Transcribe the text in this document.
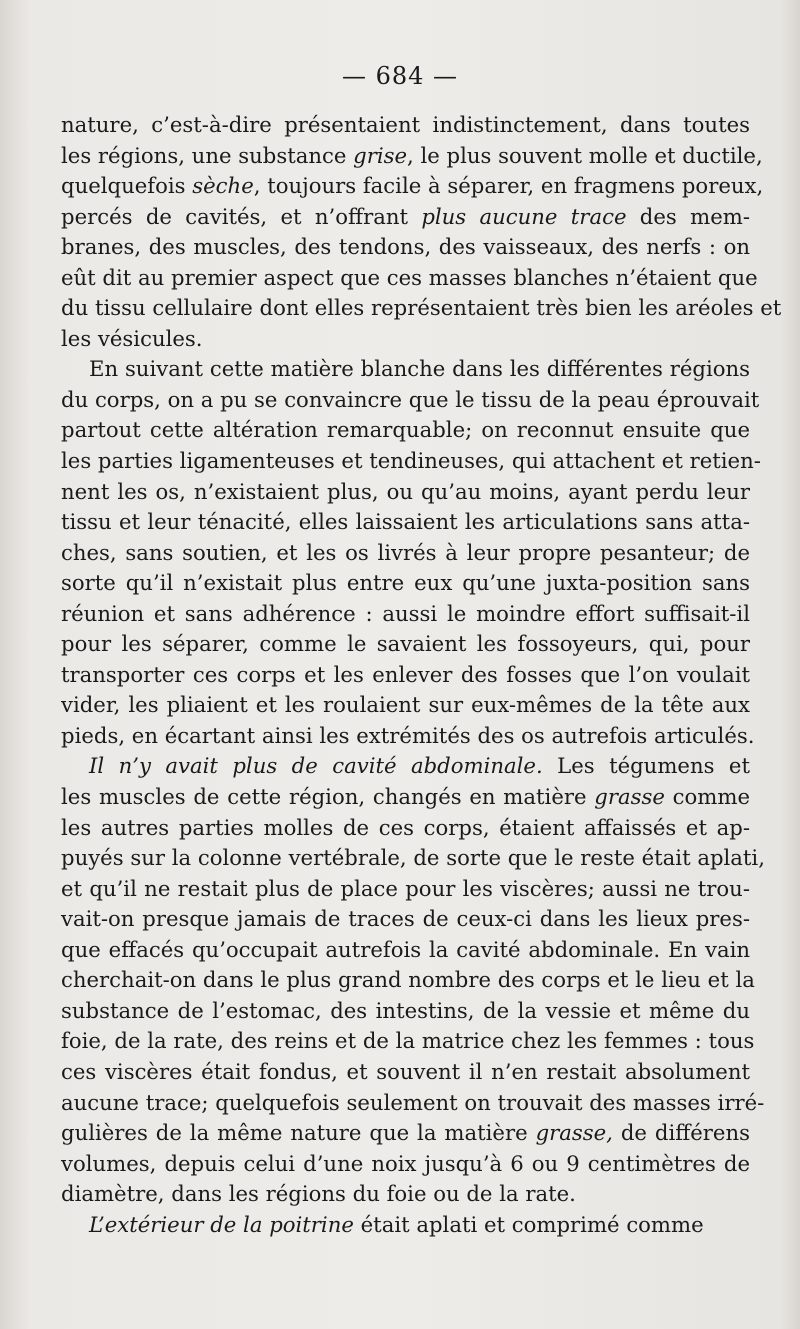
— 684 —

nature, c’est-à-dire présentaient indistinctement, dans toutes
les régions, une substance grise, le plus souvent molle et ductile,
quelquefois sèche, toujours facile à séparer, en fragmens poreux,
percés de cavités, et n’offrant plus aucune trace des mem-
branes, des muscles, des tendons, des vaisseaux, des nerfs : on
eût dit au premier aspect que ces masses blanches n’étaient que
du tissu cellulaire dont elles représentaient très bien les aréoles et
les vésicules.

En suivant cette matière blanche dans les différentes régions
du corps, on a pu se convaincre que le tissu de la peau éprouvait
partout cette altération remarquable; on reconnut ensuite que
les parties ligamenteuses et tendineuses, qui attachent et retien-
nent les os, n’existaient plus, ou qu’au moins, ayant perdu leur
tissu et leur ténacité, elles laissaient les articulations sans atta-
ches, sans soutien, et les os livrés à leur propre pesanteur; de
sorte qu’il n’existait plus entre eux qu’une juxta-position sans
réunion et sans adhérence : aussi le moindre effort suffisait-il
pour les séparer, comme le savaient les fossoyeurs, qui, pour
transporter ces corps et les enlever des fosses que l’on voulait
vider, les pliaient et les roulaient sur eux-mêmes de la tête aux
pieds, en écartant ainsi les extrémités des os autrefois articulés.

Il n’y avait plus de cavité abdominale. Les tégumens et
les muscles de cette région, changés en matière grasse comme
les autres parties molles de ces corps, étaient affaissés et ap-
puyés sur la colonne vertébrale, de sorte que le reste était aplati,
et qu’il ne restait plus de place pour les viscères; aussi ne trou-
vait-on presque jamais de traces de ceux-ci dans les lieux pres-
que effacés qu’occupait autrefois la cavité abdominale. En vain
cherchait-on dans le plus grand nombre des corps et le lieu et la
substance de l’estomac, des intestins, de la vessie et même du
foie, de la rate, des reins et de la matrice chez les femmes : tous
ces viscères était fondus, et souvent il n’en restait absolument
aucune trace; quelquefois seulement on trouvait des masses irré-
gulières de la même nature que la matière grasse, de différens
volumes, depuis celui d’une noix jusqu’à 6 ou 9 centimètres de
diamètre, dans les régions du foie ou de la rate.

L’extérieur de la poitrine était aplati et comprimé comme
